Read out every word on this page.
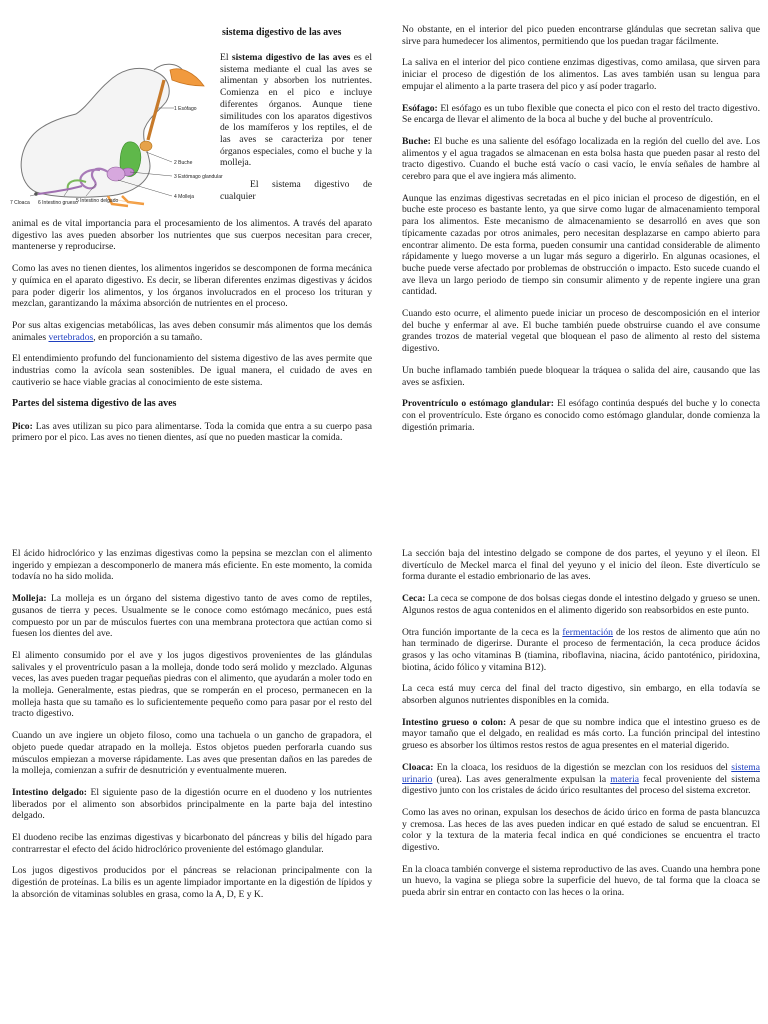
sistema digestivo de las aves
1 Esófago
2 Buche
3 Estómago glandular
4 Molleja
5 Intestino delgado
6 Intestino grueso
7 Cloaca

El sistema digestivo de las aves es el sistema mediante el cual las aves se alimentan y absorben los nutrientes. Comienza en el pico e incluye diferentes órganos. Aunque tiene similitudes con los aparatos digestivos de los mamíferos y los reptiles, el de las aves se caracteriza por tener órganos especiales, como el buche y la molleja.

El sistema digestivo de cualquier

animal es de vital importancia para el procesamiento de los alimentos. A través del aparato digestivo las aves pueden absorber los nutrientes que sus cuerpos necesitan para crecer, mantenerse y reproducirse.

Como las aves no tienen dientes, los alimentos ingeridos se descomponen de forma mecánica y química en el aparato digestivo. Es decir, se liberan diferentes enzimas digestivas y ácidos para poder digerir los alimentos, y los órganos involucrados en el proceso los trituran y mezclan, garantizando la máxima absorción de nutrientes en el proceso.

Por sus altas exigencias metabólicas, las aves deben consumir más alimentos que los demás animales vertebrados, en proporción a su tamaño.

El entendimiento profundo del funcionamiento del sistema digestivo de las aves permite que industrias como la avícola sean sostenibles. De igual manera, el cuidado de aves en cautiverio se hace viable gracias al conocimiento de este sistema.

Partes del sistema digestivo de las aves

Pico: Las aves utilizan su pico para alimentarse. Toda la comida que entra a su cuerpo pasa primero por el pico. Las aves no tienen dientes, así que no pueden masticar la comida.

El ácido hidroclórico y las enzimas digestivas como la pepsina se mezclan con el alimento ingerido y empiezan a descomponerlo de manera más eficiente. En este momento, la comida todavía no ha sido molida.

Molleja: La molleja es un órgano del sistema digestivo tanto de aves como de reptiles, gusanos de tierra y peces. Usualmente se le conoce como estómago mecánico, pues está compuesto por un par de músculos fuertes con una membrana protectora que actúan como si fuesen los dientes del ave.

El alimento consumido por el ave y los jugos digestivos provenientes de las glándulas salivales y el proventrículo pasan a la molleja, donde todo será molido y mezclado. Algunas veces, las aves pueden tragar pequeñas piedras con el alimento, que ayudarán a moler todo en la molleja. Generalmente, estas piedras, que se romperán en el proceso, permanecen en la molleja hasta que su tamaño es lo suficientemente pequeño como para pasar por el resto del tracto digestivo.

Cuando un ave ingiere un objeto filoso, como una tachuela o un gancho de grapadora, el objeto puede quedar atrapado en la molleja. Estos objetos pueden perforarla cuando sus músculos empiezan a moverse rápidamente. Las aves que presentan daños en las paredes de la molleja, comienzan a sufrir de desnutrición y eventualmente mueren.

Intestino delgado: El siguiente paso de la digestión ocurre en el duodeno y los nutrientes liberados por el alimento son absorbidos principalmente en la parte baja del intestino delgado.

El duodeno recibe las enzimas digestivas y bicarbonato del páncreas y bilis del hígado para contrarrestar el efecto del ácido hidroclórico proveniente del estómago glandular.

Los jugos digestivos producidos por el páncreas se relacionan principalmente con la digestión de proteínas. La bilis es un agente limpiador importante en la digestión de lípidos y la absorción de vitaminas solubles en grasa, como la A, D, E y K.

No obstante, en el interior del pico pueden encontrarse glándulas que secretan saliva que sirve para humedecer los alimentos, permitiendo que los puedan tragar fácilmente.

La saliva en el interior del pico contiene enzimas digestivas, como amilasa, que sirven para iniciar el proceso de digestión de los alimentos. Las aves también usan su lengua para empujar el alimento a la parte trasera del pico y así poder tragarlo.

Esófago: El esófago es un tubo flexible que conecta el pico con el resto del tracto digestivo. Se encarga de llevar el alimento de la boca al buche y del buche al proventrículo.

Buche: El buche es una saliente del esófago localizada en la región del cuello del ave. Los alimentos y el agua tragados se almacenan en esta bolsa hasta que pueden pasar al resto del tracto digestivo. Cuando el buche está vacío o casi vacío, le envía señales de hambre al cerebro para que el ave ingiera más alimento.

Aunque las enzimas digestivas secretadas en el pico inician el proceso de digestión, en el buche este proceso es bastante lento, ya que sirve como lugar de almacenamiento temporal para los alimentos. Este mecanismo de almacenamiento se desarrolló en aves que son típicamente cazadas por otros animales, pero necesitan desplazarse en campo abierto para encontrar alimento. De esta forma, pueden consumir una cantidad considerable de alimento rápidamente y luego moverse a un lugar más seguro a digerirlo. En algunas ocasiones, el buche puede verse afectado por problemas de obstrucción o impacto. Esto sucede cuando el ave lleva un largo periodo de tiempo sin consumir alimento y de repente ingiere una gran cantidad.

Cuando esto ocurre, el alimento puede iniciar un proceso de descomposición en el interior del buche y enfermar al ave. El buche también puede obstruirse cuando el ave consume grandes trozos de material vegetal que bloquean el paso de alimento al resto del sistema digestivo.

Un buche inflamado también puede bloquear la tráquea o salida del aire, causando que las aves se asfixien.

Proventrículo o estómago glandular: El esófago continúa después del buche y lo conecta con el proventrículo. Este órgano es conocido como estómago glandular, donde comienza la digestión primaria.

La sección baja del intestino delgado se compone de dos partes, el yeyuno y el íleon. El divertículo de Meckel marca el final del yeyuno y el inicio del íleon. Este divertículo se forma durante el estadio embrionario de las aves.

Ceca: La ceca se compone de dos bolsas ciegas donde el intestino delgado y grueso se unen. Algunos restos de agua contenidos en el alimento digerido son reabsorbidos en este punto.

Otra función importante de la ceca es la fermentación de los restos de alimento que aún no han terminado de digerirse. Durante el proceso de fermentación, la ceca produce ácidos grasos y las ocho vitaminas B (tiamina, riboflavina, niacina, ácido pantoténico, piridoxina, biotina, ácido fólico y vitamina B12).

La ceca está muy cerca del final del tracto digestivo, sin embargo, en ella todavía se absorben algunos nutrientes disponibles en la comida.

Intestino grueso o colon: A pesar de que su nombre indica que el intestino grueso es de mayor tamaño que el delgado, en realidad es más corto. La función principal del intestino grueso es absorber los últimos restos restos de agua presentes en el material digerido.

Cloaca: En la cloaca, los residuos de la digestión se mezclan con los residuos del sistema urinario (urea). Las aves generalmente expulsan la materia fecal proveniente del sistema digestivo junto con los cristales de ácido úrico resultantes del proceso del sistema excretor.

Como las aves no orinan, expulsan los desechos de ácido úrico en forma de pasta blancuzca y cremosa. Las heces de las aves pueden indicar en qué estado de salud se encuentran. El color y la textura de la materia fecal indica en qué condiciones se encuentra el tracto digestivo.

En la cloaca también converge el sistema reproductivo de las aves. Cuando una hembra pone un huevo, la vagina se pliega sobre la superficie del huevo, de tal forma que la cloaca se pueda abrir sin entrar en contacto con las heces o la orina.
